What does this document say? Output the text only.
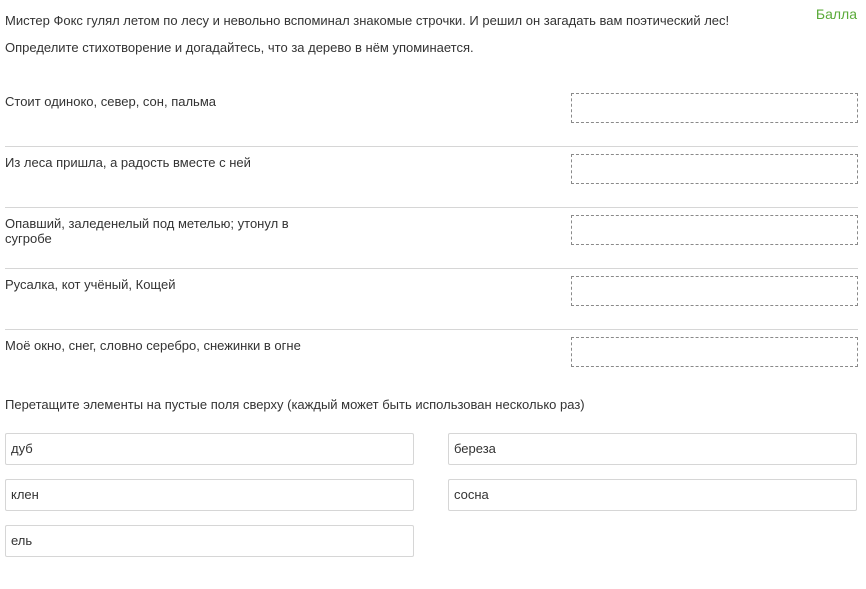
Мистер Фокс гулял летом по лесу и невольно вспоминал знакомые строчки. И решил он загадать вам поэтический лес!	Балла
Определите стихотворение и догадайтесь, что за дерево в нём упоминается.
Стоит одиноко, север, сон, пальма
Из леса пришла, а радость вместе с ней
Опавший, заледенелый под метелью; утонул в сугробе
Русалка, кот учёный, Кощей
Моё окно, снег, словно серебро, снежинки в огне
Перетащите элементы на пустые поля сверху (каждый может быть использован несколько раз)
дуб	береза
клен	сосна
ель
